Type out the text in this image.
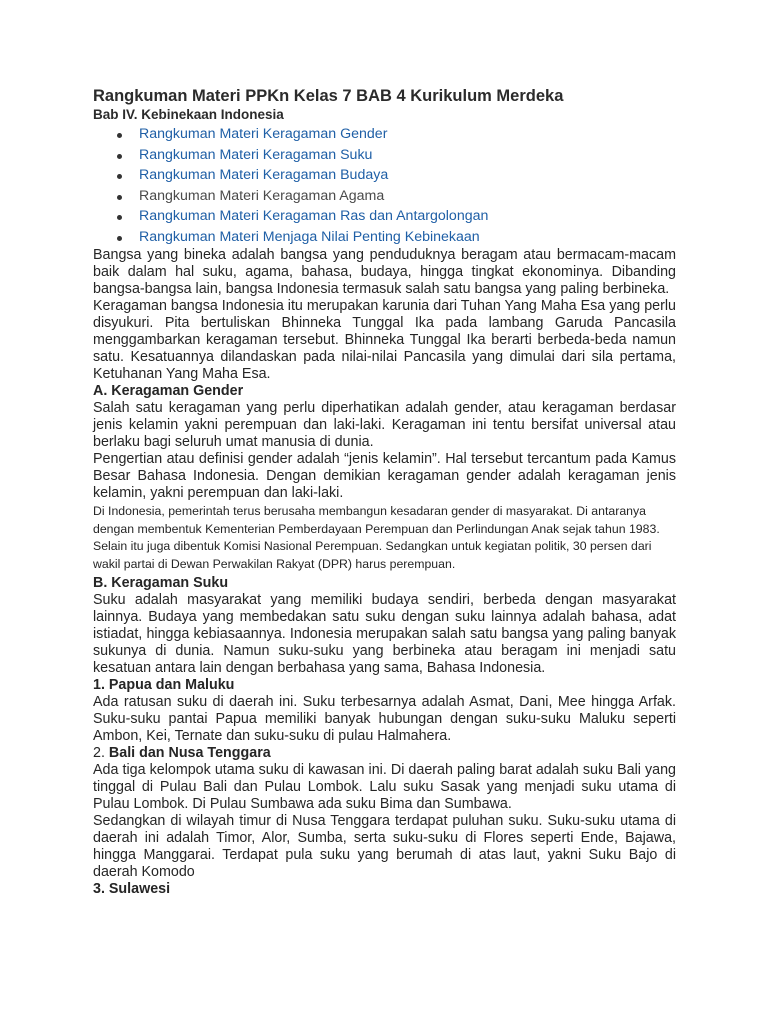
Rangkuman Materi PPKn Kelas 7 BAB 4 Kurikulum Merdeka
Bab IV. Kebinekaan Indonesia
Rangkuman Materi Keragaman Gender
Rangkuman Materi Keragaman Suku
Rangkuman Materi Keragaman Budaya
Rangkuman Materi Keragaman Agama
Rangkuman Materi Keragaman Ras dan Antargolongan
Rangkuman Materi Menjaga Nilai Penting Kebinekaan

Bangsa yang bineka adalah bangsa yang penduduknya beragam atau bermacam-macam baik dalam hal suku, agama, bahasa, budaya, hingga tingkat ekonominya. Dibanding bangsa-bangsa lain, bangsa Indonesia termasuk salah satu bangsa yang paling berbineka.

Keragaman bangsa Indonesia itu merupakan karunia dari Tuhan Yang Maha Esa yang perlu disyukuri. Pita bertuliskan Bhinneka Tunggal Ika pada lambang Garuda Pancasila menggambarkan keragaman tersebut. Bhinneka Tunggal Ika berarti berbeda-beda namun satu. Kesatuannya dilandaskan pada nilai-nilai Pancasila yang dimulai dari sila pertama, Ketuhanan Yang Maha Esa.

A. Keragaman Gender

Salah satu keragaman yang perlu diperhatikan adalah gender, atau keragaman berdasar jenis kelamin yakni perempuan dan laki-laki. Keragaman ini tentu bersifat universal atau berlaku bagi seluruh umat manusia di dunia.

Pengertian atau definisi gender adalah “jenis kelamin”. Hal tersebut tercantum pada Kamus Besar Bahasa Indonesia. Dengan demikian keragaman gender adalah keragaman jenis kelamin, yakni perempuan dan laki-laki.

Di Indonesia, pemerintah terus berusaha membangun kesadaran gender di masyarakat. Di antaranya dengan membentuk Kementerian Pemberdayaan Perempuan dan Perlindungan Anak sejak tahun 1983. Selain itu juga dibentuk Komisi Nasional Perempuan. Sedangkan untuk kegiatan politik, 30 persen dari wakil partai di Dewan Perwakilan Rakyat (DPR) harus perempuan.

B. Keragaman Suku

Suku adalah masyarakat yang memiliki budaya sendiri, berbeda dengan masyarakat lainnya. Budaya yang membedakan satu suku dengan suku lainnya adalah bahasa, adat istiadat, hingga kebiasaannya. Indonesia merupakan salah satu bangsa yang paling banyak sukunya di dunia. Namun suku-suku yang berbineka atau beragam ini menjadi satu kesatuan antara lain dengan berbahasa yang sama, Bahasa Indonesia.

1. Papua dan Maluku

Ada ratusan suku di daerah ini. Suku terbesarnya adalah Asmat, Dani, Mee hingga Arfak. Suku-suku pantai Papua memiliki banyak hubungan dengan suku-suku Maluku seperti Ambon, Kei, Ternate dan suku-suku di pulau Halmahera.

2. Bali dan Nusa Tenggara

Ada tiga kelompok utama suku di kawasan ini. Di daerah paling barat adalah suku Bali yang tinggal di Pulau Bali dan Pulau Lombok. Lalu suku Sasak yang menjadi suku utama di Pulau Lombok. Di Pulau Sumbawa ada suku Bima dan Sumbawa.

Sedangkan di wilayah timur di Nusa Tenggara terdapat puluhan suku. Suku-suku utama di daerah ini adalah Timor, Alor, Sumba, serta suku-suku di Flores seperti Ende, Bajawa, hingga Manggarai. Terdapat pula suku yang berumah di atas laut, yakni Suku Bajo di daerah Komodo

3. Sulawesi
